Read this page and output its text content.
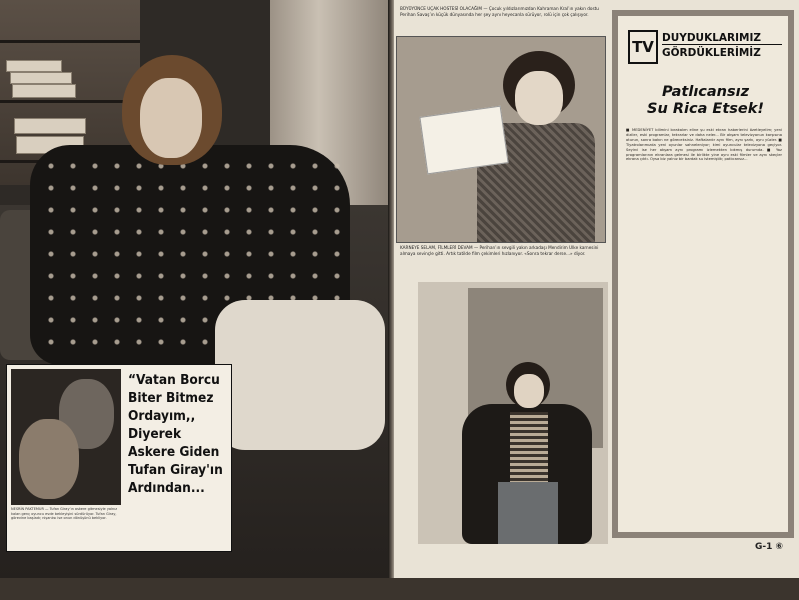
NESRİN PAKTEMUR — Tufan Giray’ın askere gitmesiyle yalnız kalan genç oyuncu evde bekleyişini sürdürüyor. Tufan Giray, görevine başladı; nişanlısı ise onun dönüşünü bekliyor.
“Vatan Borcu Biter Bitmez Ordayım,, Diyerek Askere Giden Tufan Giray'ın Ardından...
BÜYÜYÜNCE UÇAK HOSTESİ OLACAĞIM — Çocuk yıldızlarımızdan Kahraman Kral’ın yakın dostu Perihan Savaş’ın küçük dünyasında her şey aynı heyecanla sürüyor, rolü için çok çalışıyor.
KARNEYE SELAM, FİLMLERİ DEVAM — Perihan’ın sevgili yakın arkadaşı Mendirim Ulke karnesini almaya sevinçle gitti. Artık tatilde film çekimleri hızlanıyor. «Sonra tekrar derse...» diyor.
TV DUYDUKLARIMIZ
GÖRDÜKLERİMİZ
Patlıcansız
Su Rica Etsek!
■ MEDENİYET bilimini bırakalım eline şu eski ekran haberlerini özetleyelim; yeni diziler, eski programlar, tekrarlar ve daha neler... Bir akşam televizyonun karşısına oturun, sonra bakın ne göreceksiniz. Haftalardır aynı film, aynı şarkı, aynı yüzler. ■ Tiyatrolarımızda yeni oyunlar sahneleniyor; kimi oyuncular televizyona geçiyor. Seyirci ise her akşam aynı programı izlemekten bıkmış durumda. ■ Yaz programlarının ekranlara gelmesi ile birlikte yine aynı eski filmler ve aynı skeçler ekrana çıktı. Oysa biz yalnız bir bardak su istemiştik; patlıcansız...
G-1 ⑥
